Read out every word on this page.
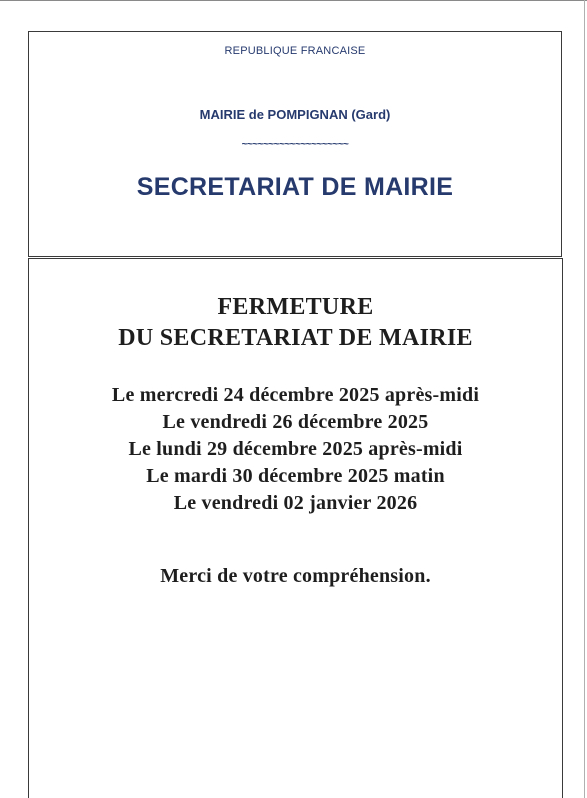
REPUBLIQUE FRANCAISE
MAIRIE de POMPIGNAN (Gard)
~~~~~~~~~~~~~~~~~~~~
SECRETARIAT DE MAIRIE
FERMETURE
DU SECRETARIAT DE MAIRIE
Le mercredi 24 décembre 2025 après-midi
Le vendredi 26 décembre 2025
Le lundi 29 décembre 2025 après-midi
Le mardi 30 décembre 2025 matin
Le vendredi 02 janvier 2026
Merci de votre compréhension.
